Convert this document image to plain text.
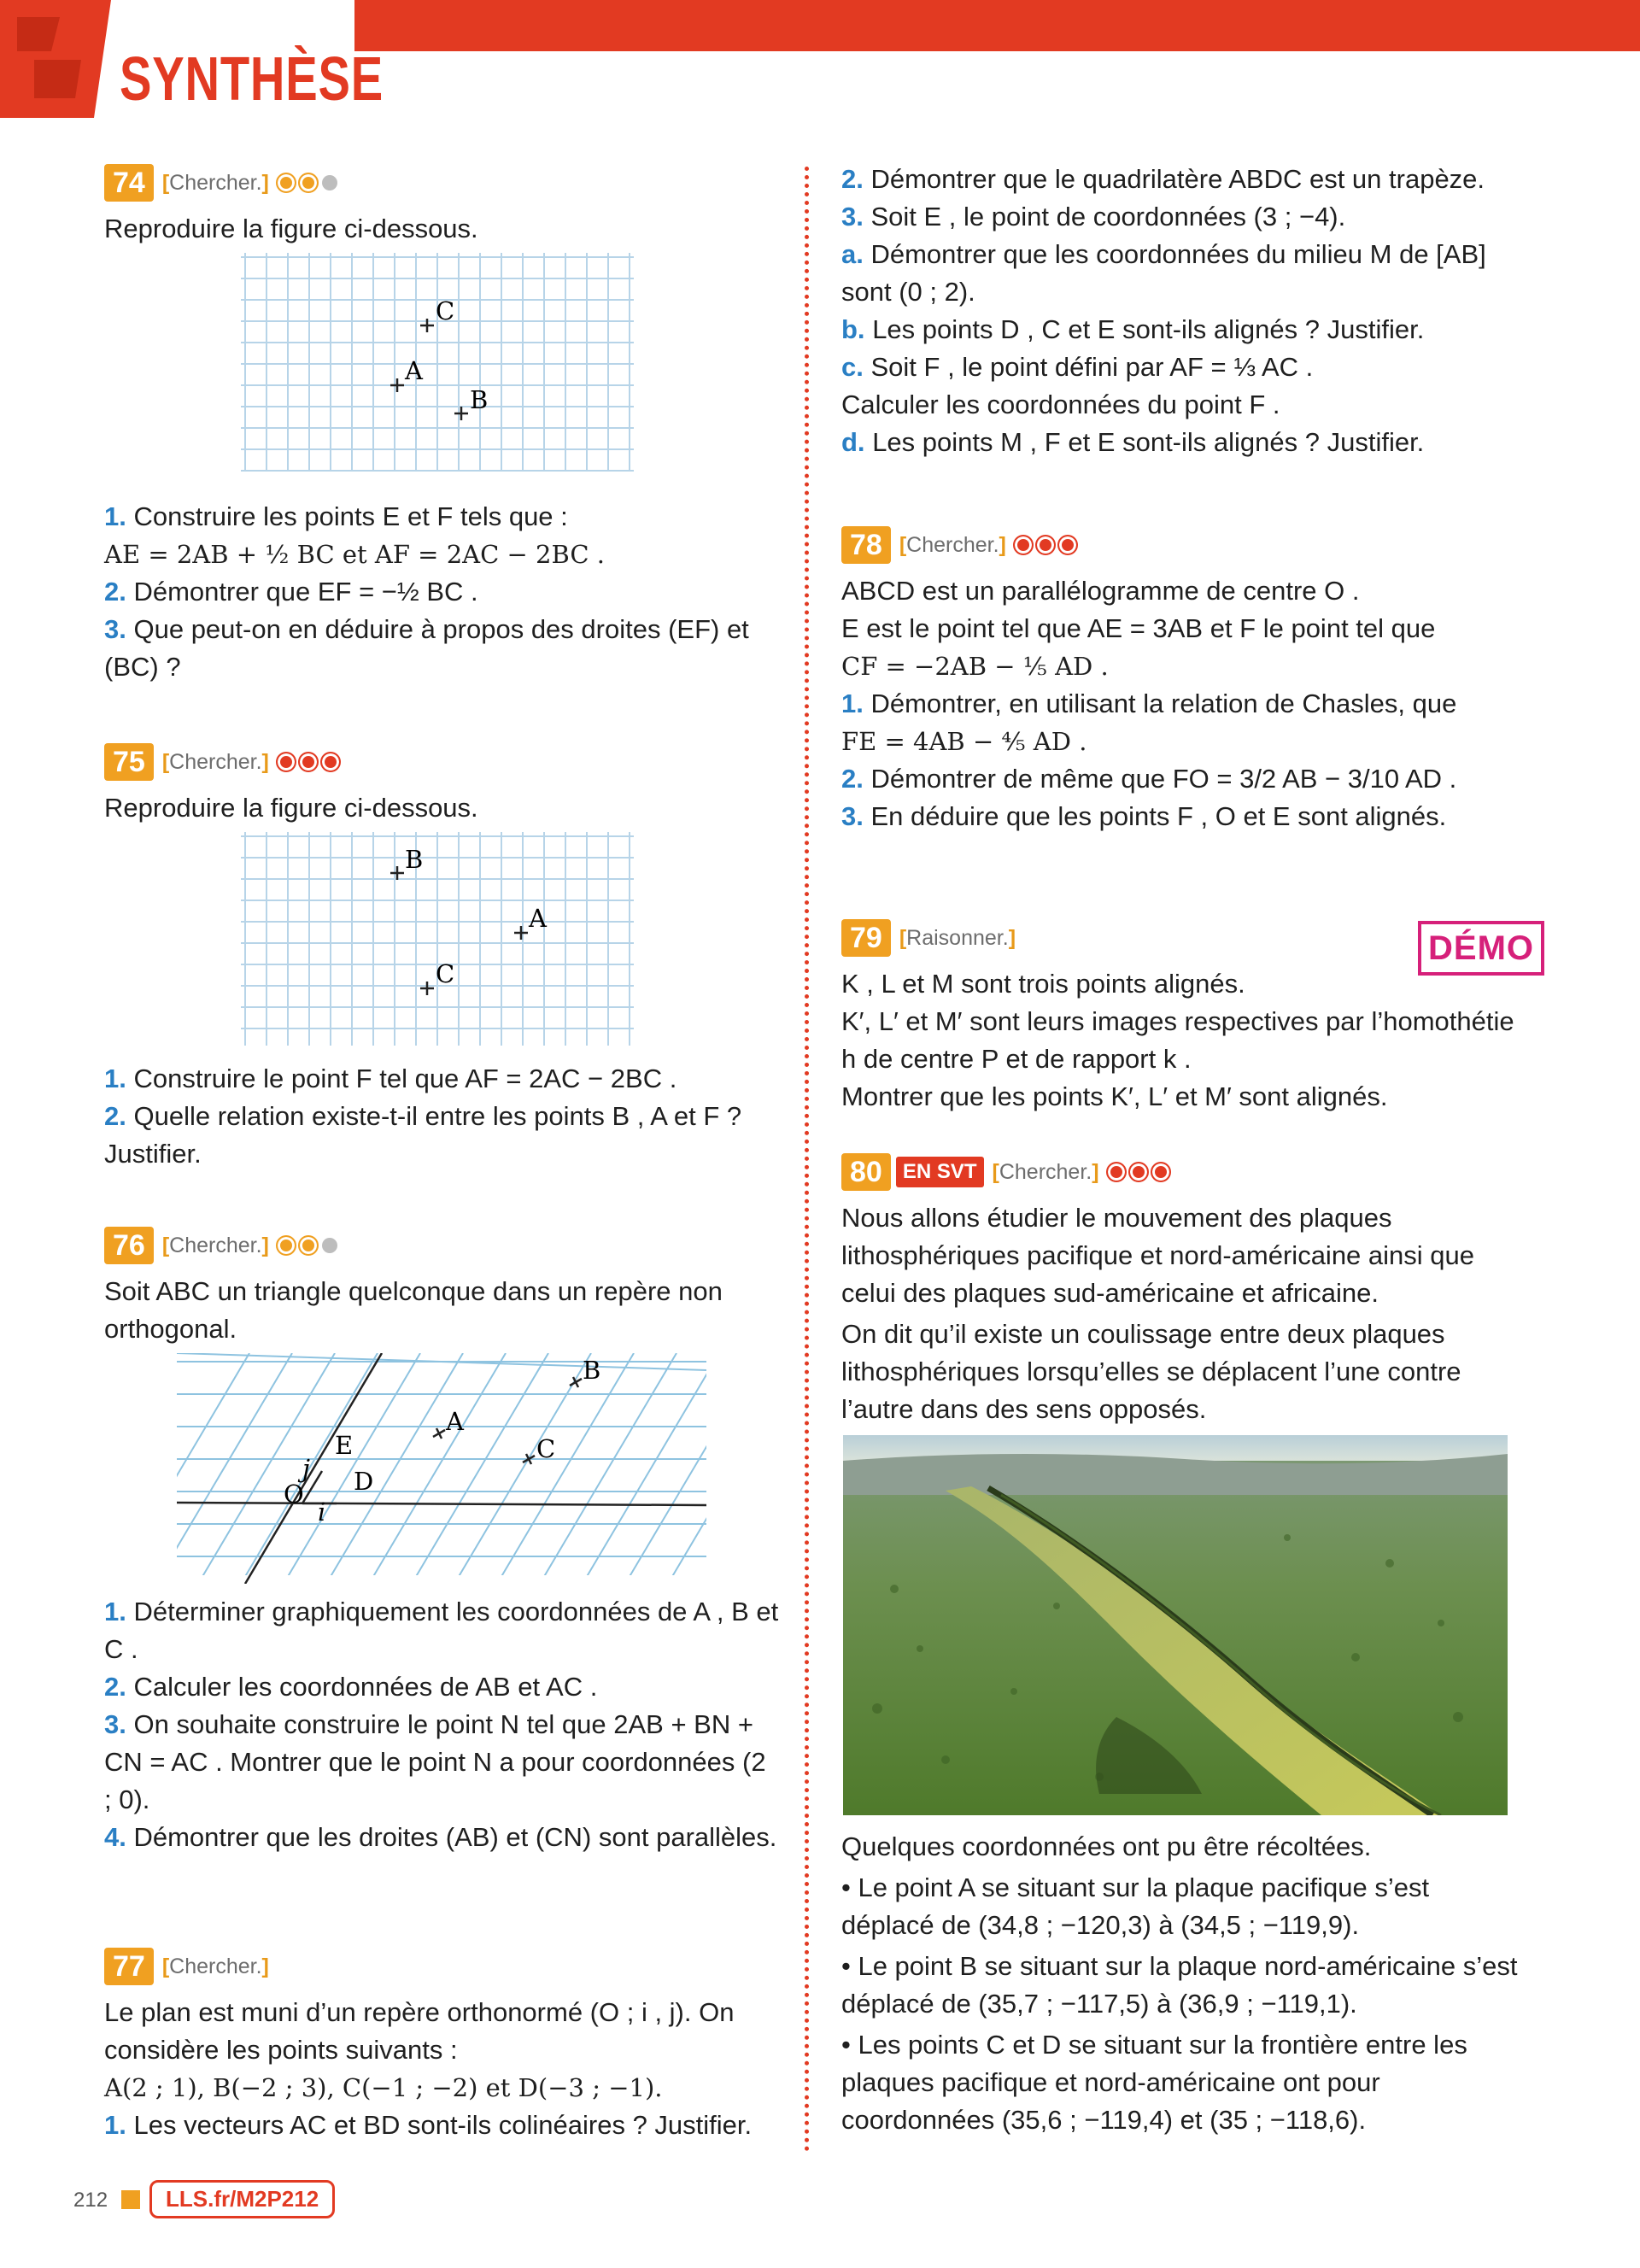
SYNTHÈSE
74 [Chercher.]

Reproduire la figure ci-dessous.

C
A
B

1. Construire les points E et F tels que :

AE = 2AB + ½ BC et AF = 2AC − 2BC .

2. Démontrer que EF = −½ BC .

3. Que peut-on en déduire à propos des droites (EF) et (BC) ?

75 [Chercher.]

Reproduire la figure ci-dessous.

B
A
C

1. Construire le point F tel que AF = 2AC − 2BC .

2. Quelle relation existe-t-il entre les points B , A et F ? Justifier.

76 [Chercher.]

Soit ABC un triangle quelconque dans un repère non orthogonal.

B
A
C
E
D
O
i
j

1. Déterminer graphiquement les coordonnées de A , B et C .

2. Calculer les coordonnées de AB et AC .

3. On souhaite construire le point N tel que 2AB + BN + CN = AC . Montrer que le point N a pour coordonnées (2 ; 0).

4. Démontrer que les droites (AB) et (CN) sont parallèles.

77 [Chercher.]

Le plan est muni d’un repère orthonormé (O ; i , j). On considère les points suivants :

A(2 ; 1), B(−2 ; 3), C(−1 ; −2) et D(−3 ; −1).

1. Les vecteurs AC et BD sont-ils colinéaires ? Justifier.

2. Démontrer que le quadrilatère ABDC est un trapèze.

3. Soit E , le point de coordonnées (3 ; −4).

a. Démontrer que les coordonnées du milieu M de [AB] sont (0 ; 2).

b. Les points D , C et E sont-ils alignés ? Justifier.

c. Soit F , le point défini par AF = ⅓ AC .

Calculer les coordonnées du point F .

d. Les points M , F et E sont-ils alignés ? Justifier.

78 [Chercher.]

ABCD est un parallélogramme de centre O .

E est le point tel que AE = 3AB et F le point tel que

CF = −2AB − ⅕ AD .

1. Démontrer, en utilisant la relation de Chasles, que

FE = 4AB − ⅘ AD .

2. Démontrer de même que FO = 3/2 AB − 3/10 AD .

3. En déduire que les points F , O et E sont alignés.

79 [Raisonner.]

K , L et M sont trois points alignés.

K′, L′ et M′ sont leurs images respectives par l’homothétie h de centre P et de rapport k .

Montrer que les points K′, L′ et M′ sont alignés.

DÉMO
80 EN SVT [Chercher.]

Nous allons étudier le mouvement des plaques lithosphériques pacifique et nord-américaine ainsi que celui des plaques sud-américaine et africaine.

On dit qu’il existe un coulissage entre deux plaques lithosphériques lorsqu’elles se déplacent l’une contre l’autre dans des sens opposés.

Quelques coordonnées ont pu être récoltées.

• Le point A se situant sur la plaque pacifique s’est déplacé de (34,8 ; −120,3) à (34,5 ; −119,9).

• Le point B se situant sur la plaque nord-américaine s’est déplacé de (35,7 ; −117,5) à (36,9 ; −119,1).

• Les points C et D se situant sur la frontière entre les plaques pacifique et nord-américaine ont pour coordonnées (35,6 ; −119,4) et (35 ; −118,6).

212	LLS.fr/M2P212
